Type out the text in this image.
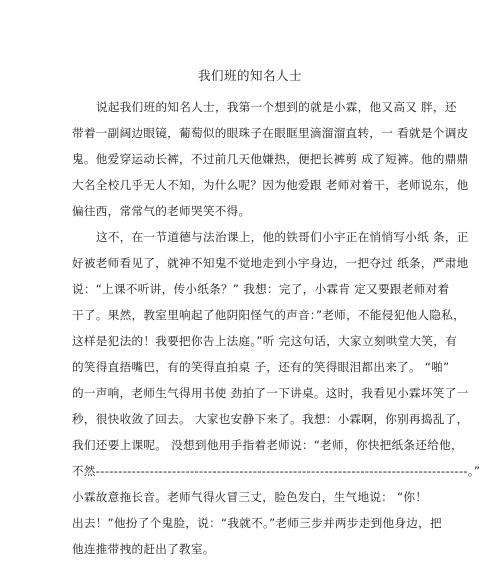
我们班的知名人士
说起我们班的知名人士，我第一个想到的就是小霖，他又高又 胖，还
带着一副阔边眼镜，葡萄似的眼珠子在眼眶里滴溜溜直转，一 看就是个调皮
鬼。他爱穿运动长裤，不过前几天他嫌热，便把长裤剪 成了短裤。他的鼎鼎
大名全校几乎无人不知，为什么呢？因为他爱跟 老师对着干，老师说东，他
偏往西，常常气的老师哭笑不得。
这不，在一节道德与法治课上，他的铁哥们小宇正在悄悄写小纸 条，正
好被老师看见了，就神不知鬼不觉地走到小宇身边，一把夺过 纸条，严肃地
说：“上课不听讲，传小纸条？” 我想：完了，小霖肯 定又要跟老师对着
干了。果然，教室里响起了他阴阳怪气的声音：”老师，不能侵犯他人隐私，
这样是犯法的！我要把你告上法庭。”听 完这句话，大家立刻哄堂大笑，有
的笑得直捂嘴巴，有的笑得直拍桌 子，还有的笑得眼泪都出来了。 “啪”
的一声响，老师生气得用书使 劲拍了一下讲桌。这时，我看见小霖坏笑了一
秒，很快收敛了回去。 大家也安静下来了。我想：小霖啊，你别再捣乱了，
我们还要上课呢。 没想到他用手指着老师说：“老师，你快把纸条还给他，
不然-----------------------------------------------------------------------------------。”
小霖故意拖长音。老师气得火冒三丈，脸色发白，生气地说： “你！
出去！”他扮了个鬼脸，说：“我就不。”老师三步并两步走到他身边，把
他连推带拽的赶出了教室。
